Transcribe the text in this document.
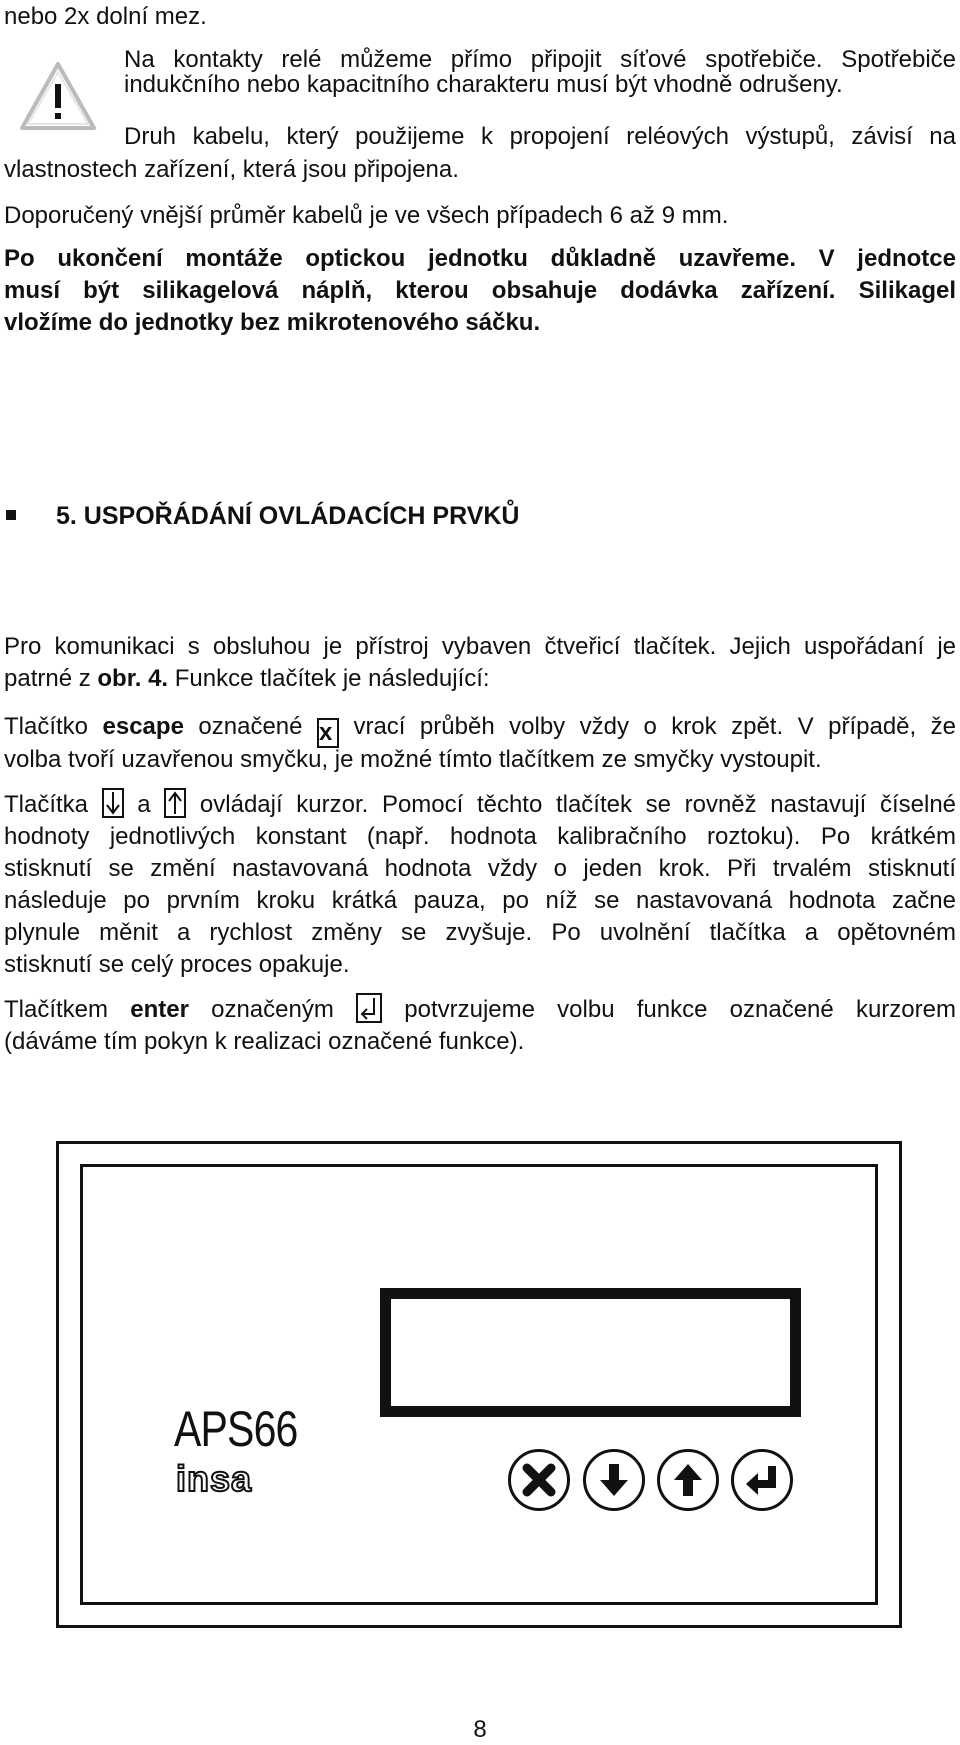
nebo 2x dolní mez.
Na kontakty relé můžeme přímo připojit síťové spotřebiče. Spotřebiče
indukčního nebo kapacitního charakteru musí být vhodně odrušeny.
Druh kabelu, který použijeme k propojení reléových výstupů, závisí na
vlastnostech zařízení, která jsou připojena.
Doporučený vnější průměr kabelů je ve všech případech 6 až 9 mm.
Po ukončení montáže optickou jednotku důkladně uzavřeme. V jednotce
musí být silikagelová náplň, kterou obsahuje dodávka zařízení. Silikagel
vložíme do jednotky bez mikrotenového sáčku.
5. USPOŘÁDÁNÍ OVLÁDACÍCH PRVKŮ
Pro komunikaci s obsluhou je přístroj vybaven čtveřicí tlačítek. Jejich uspořádaní je
patrné z obr. 4. Funkce tlačítek je následující:
Tlačítko escape označené x vrací průběh volby vždy o krok zpět. V případě, že
volba tvoří uzavřenou smyčku, je možné tímto tlačítkem ze smyčky vystoupit.
Tlačítka
a
ovládají kurzor. Pomocí těchto tlačítek se rovněž nastavují číselné
hodnoty jednotlivých konstant (např. hodnota kalibračního roztoku). Po krátkém
stisknutí se změní nastavovaná hodnota vždy o jeden krok. Při trvalém stisknutí
následuje po prvním kroku krátká pauza, po níž se nastavovaná hodnota začne
plynule měnit a rychlost změny se zvyšuje. Po uvolnění tlačítka a opětovném
stisknutí se celý proces opakuje.
Tlačítkem enter označeným
potvrzujeme volbu funkce označené kurzorem
(dáváme tím pokyn k realizaci označené funkce).
APS66
insa
8
